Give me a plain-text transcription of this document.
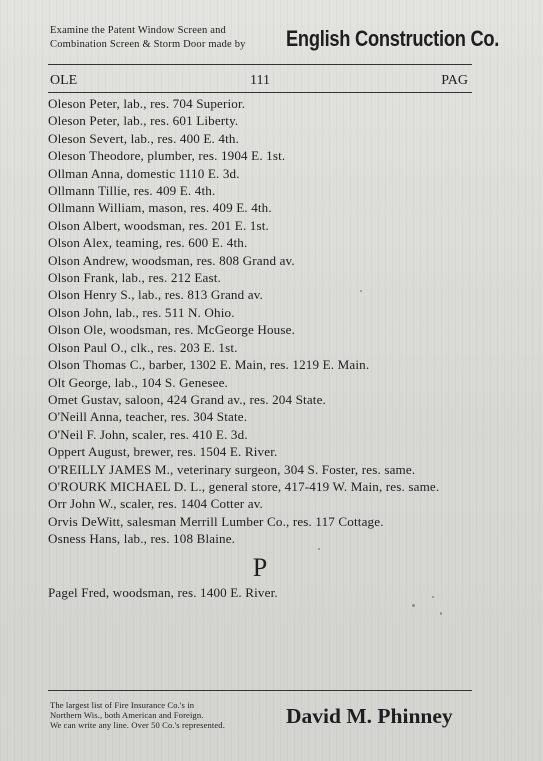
Examine the Patent Window Screen and
Combination Screen & Storm Door made by	English Construction Co.
111
OLE	PAG
Oleson Peter, lab., res. 704 Superior.
Oleson Peter, lab., res. 601 Liberty.
Oleson Severt, lab., res. 400 E. 4th.
Oleson Theodore, plumber, res. 1904 E. 1st.
Ollman Anna, domestic 1110 E. 3d.
Ollmann Tillie, res. 409 E. 4th.
Ollmann William, mason, res. 409 E. 4th.
Olson Albert, woodsman, res. 201 E. 1st.
Olson Alex, teaming, res. 600 E. 4th.
Olson Andrew, woodsman, res. 808 Grand av.
Olson Frank, lab., res. 212 East.
Olson Henry S., lab., res. 813 Grand av.
Olson John, lab., res. 511 N. Ohio.
Olson Ole, woodsman, res. McGeorge House.
Olson Paul O., clk., res. 203 E. 1st.
Olson Thomas C., barber, 1302 E. Main, res. 1219 E. Main.
Olt George, lab., 104 S. Genesee.
Omet Gustav, saloon, 424 Grand av., res. 204 State.
O'Neill Anna, teacher, res. 304 State.
O'Neil F. John, scaler, res. 410 E. 3d.
Oppert August, brewer, res. 1504 E. River.
O'REILLY JAMES M., veterinary surgeon, 304 S. Foster, res. same.
O'ROURK MICHAEL D. L., general store, 417-419 W. Main, res. same.
Orr John W., scaler, res. 1404 Cotter av.
Orvis DeWitt, salesman Merrill Lumber Co., res. 117 Cottage.
Osness Hans, lab., res. 108 Blaine.
P
Pagel Fred, woodsman, res. 1400 E. River.
The largest list of Fire Insurance Co.'s in
Northern Wis., both American and Foreign.
We can write any line. Over 50 Co.'s represented.	David M. Phinney
